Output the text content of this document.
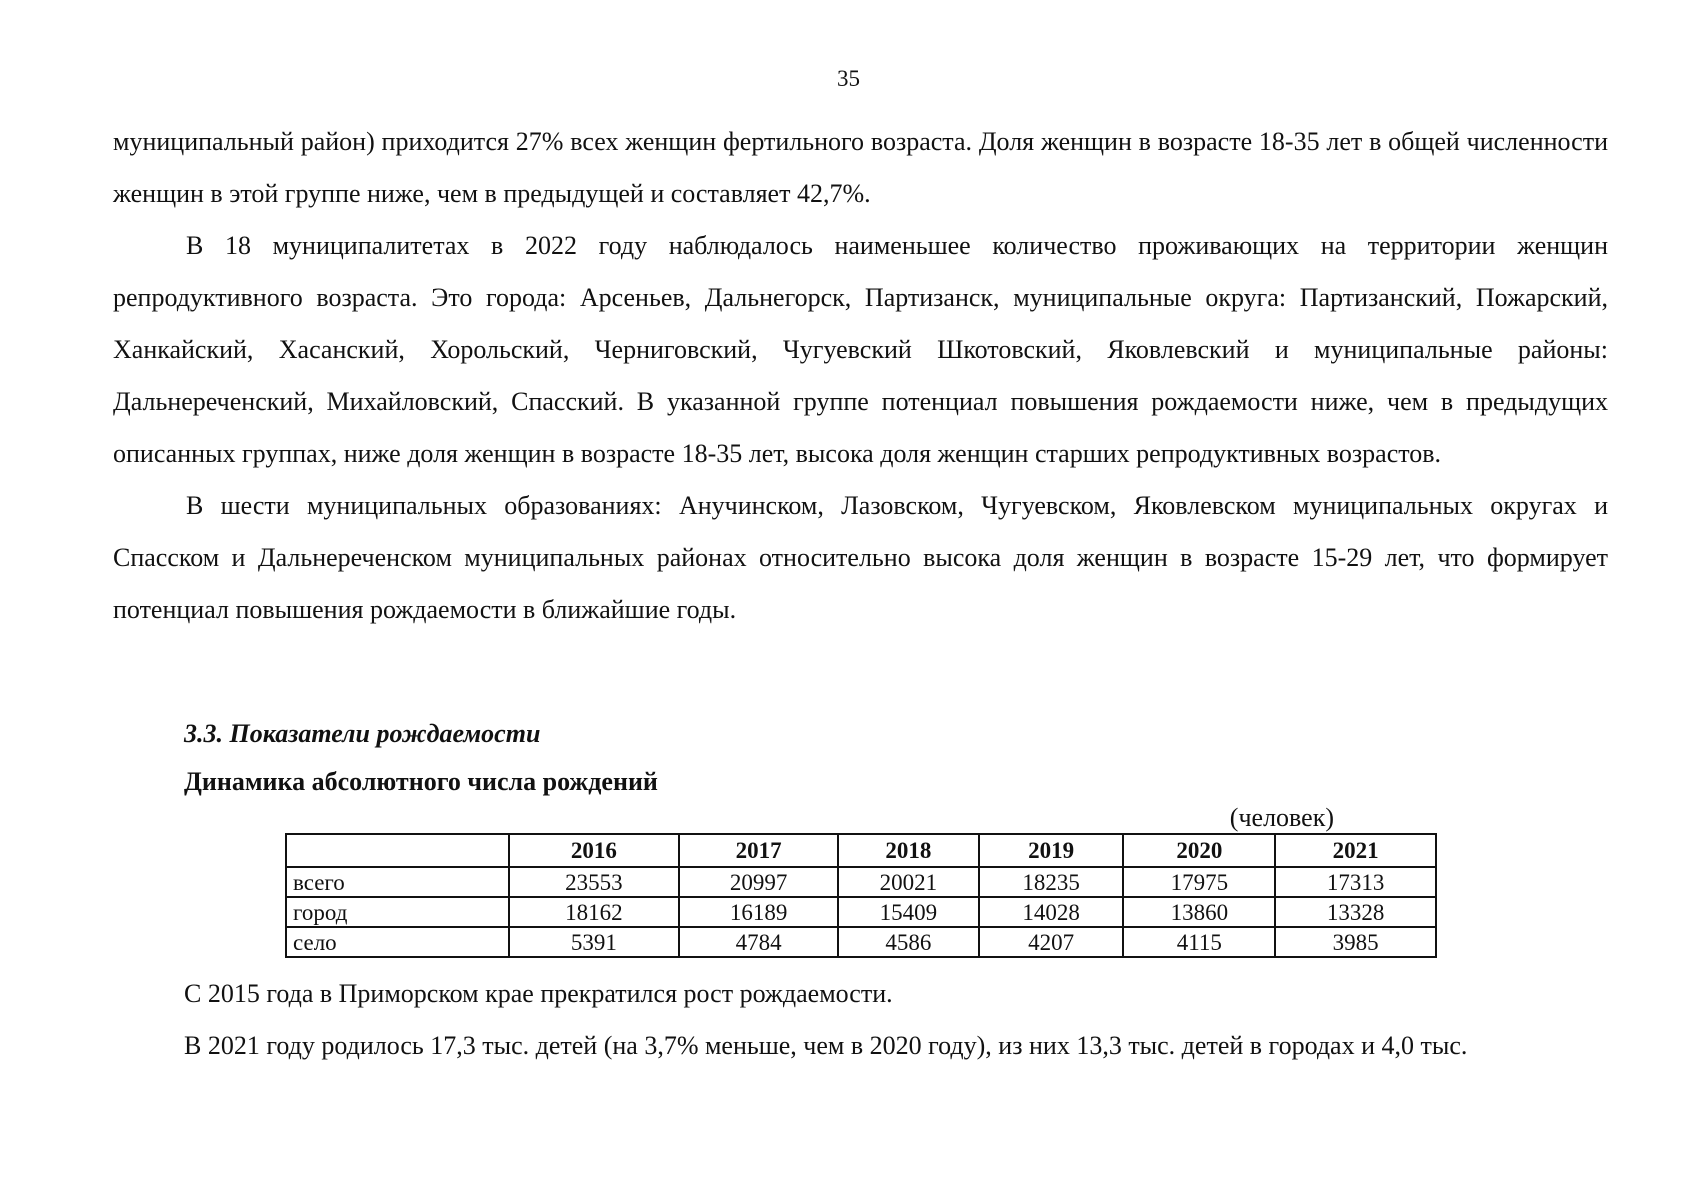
35

муниципальный район) приходится 27% всех женщин фертильного возраста. Доля женщин в возрасте 18-35 лет в общей численности женщин в этой группе ниже, чем в предыдущей и составляет 42,7%.

В 18 муниципалитетах в 2022 году наблюдалось наименьшее количество проживающих на территории женщин репродуктивного возраста. Это города: Арсеньев, Дальнегорск, Партизанск, муниципальные округа: Партизанский, Пожарский, Ханкайский, Хасанский, Хорольский, Черниговский, Чугуевский Шкотовский, Яковлевский и муниципальные районы: Дальнереченский, Михайловский, Спасский. В указанной группе потенциал повышения рождаемости ниже, чем в предыдущих описанных группах, ниже доля женщин в возрасте 18-35 лет, высока доля женщин старших репродуктивных возрастов.

В шести муниципальных образованиях: Анучинском, Лазовском, Чугуевском, Яковлевском муниципальных округах и Спасском и Дальнереченском муниципальных районах относительно высока доля женщин в возрасте 15-29 лет, что формирует потенциал повышения рождаемости в ближайшие годы.

3.3. Показатели рождаемости
Динамика абсолютного числа рождений
(человек)
	2016	2017	2018	2019	2020	2021
всего	23553	20997	20021	18235	17975	17313
город	18162	16189	15409	14028	13860	13328
село	5391	4784	4586	4207	4115	3985

С 2015 года в Приморском крае прекратился рост рождаемости.

В 2021 году родилось 17,3 тыс. детей (на 3,7% меньше, чем в 2020 году), из них 13,3 тыс. детей в городах и 4,0 тыс.
